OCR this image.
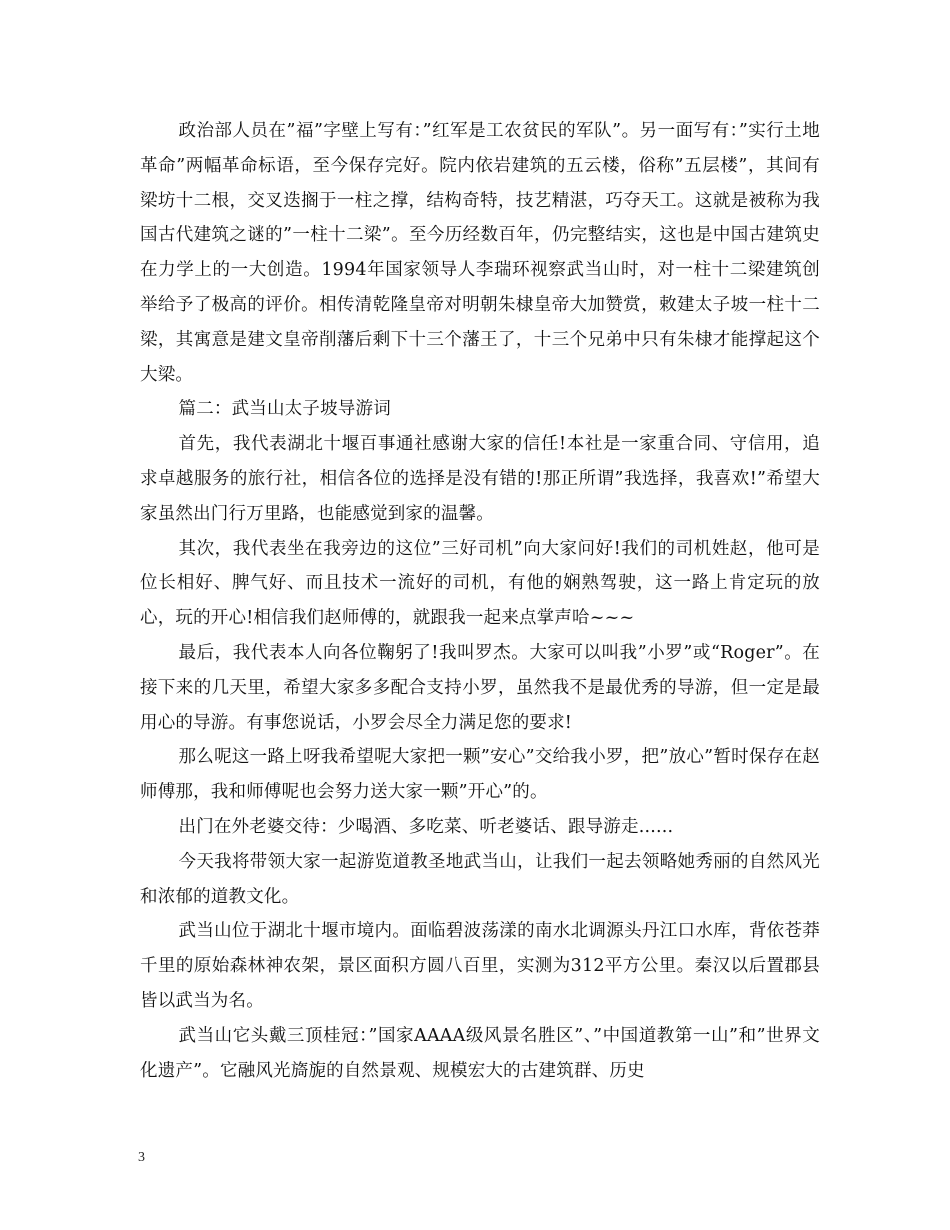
政治部人员在”福”字壁上写有：”红军是工农贫民的军队”。另一面写有：”实行土地革命”两幅革命标语，至今保存完好。院内依岩建筑的五云楼，俗称”五层楼”，其间有梁坊十二根，交叉迭搁于一柱之撑，结构奇特，技艺精湛，巧夺天工。这就是被称为我国古代建筑之谜的”一柱十二梁”。至今历经数百年，仍完整结实，这也是中国古建筑史在力学上的一大创造。1994年国家领导人李瑞环视察武当山时，对一柱十二梁建筑创举给予了极高的评价。相传清乾隆皇帝对明朝朱棣皇帝大加赞赏，敕建太子坡一柱十二梁，其寓意是建文皇帝削藩后剩下十三个藩王了，十三个兄弟中只有朱棣才能撑起这个大梁。

篇二：武当山太子坡导游词

首先，我代表湖北十堰百事通社感谢大家的信任!本社是一家重合同、守信用，追求卓越服务的旅行社，相信各位的选择是没有错的!那正所谓”我选择，我喜欢!”希望大家虽然出门行万里路，也能感觉到家的温馨。

其次，我代表坐在我旁边的这位”三好司机”向大家问好!我们的司机姓赵，他可是位长相好、脾气好、而且技术一流好的司机，有他的娴熟驾驶，这一路上肯定玩的放心，玩的开心!相信我们赵师傅的，就跟我一起来点掌声哈~~~

最后，我代表本人向各位鞠躬了!我叫罗杰。大家可以叫我”小罗”或“Roger”。在接下来的几天里，希望大家多多配合支持小罗，虽然我不是最优秀的导游，但一定是最用心的导游。有事您说话，小罗会尽全力满足您的要求!

那么呢这一路上呀我希望呢大家把一颗”安心”交给我小罗，把”放心”暂时保存在赵师傅那，我和师傅呢也会努力送大家一颗”开心”的。

出门在外老婆交待：少喝酒、多吃菜、听老婆话、跟导游走......

今天我将带领大家一起游览道教圣地武当山，让我们一起去领略她秀丽的自然风光和浓郁的道教文化。

武当山位于湖北十堰市境内。面临碧波荡漾的南水北调源头丹江口水库，背依苍莽千里的原始森林神农架，景区面积方圆八百里，实测为312平方公里。秦汉以后置郡县皆以武当为名。

武当山它头戴三顶桂冠：”国家AAAA级风景名胜区”、”中国道教第一山”和”世界文化遗产”。它融风光旖旎的自然景观、规模宏大的古建筑群、历史

3
